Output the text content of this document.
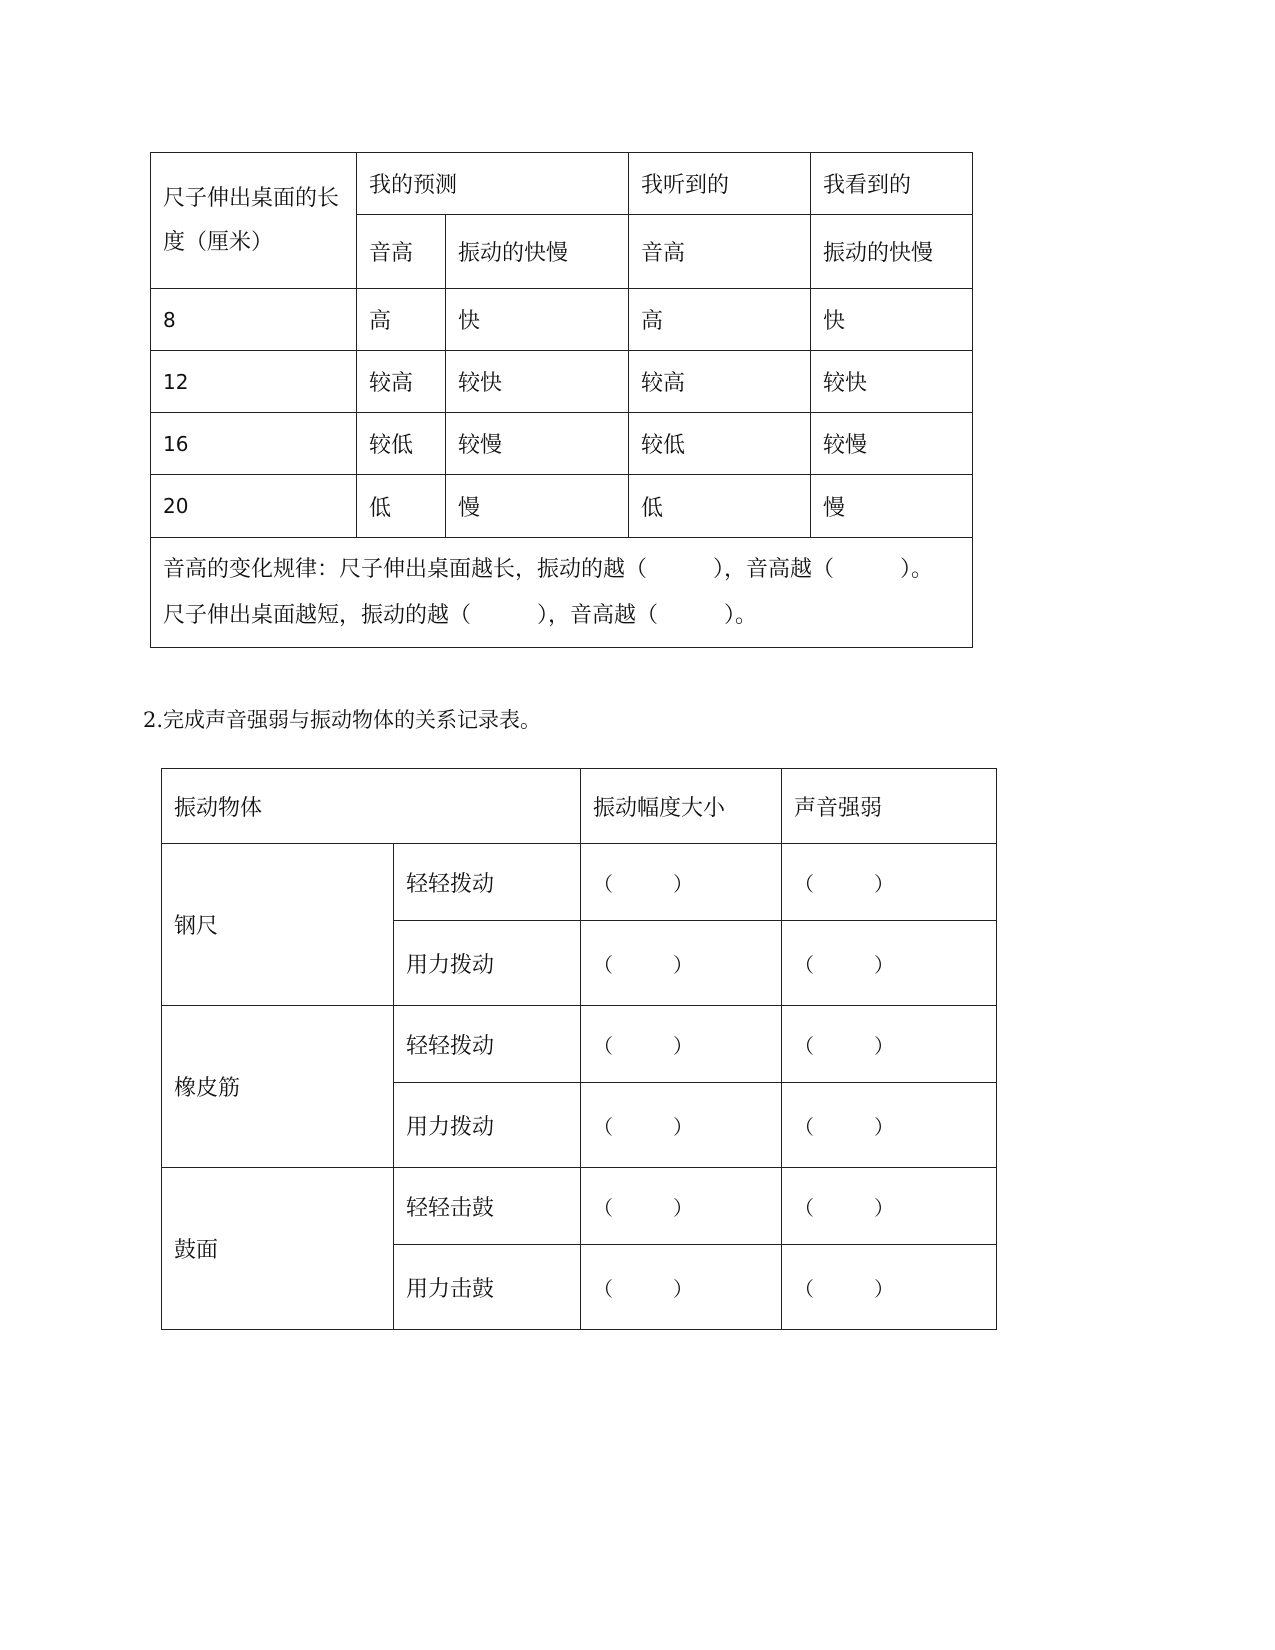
尺子伸出桌面的长度（厘米）	我的预测		我听到的	我看到的
	音高	振动的快慢	音高	振动的快慢
8	高	快	高	快
12	较高	较快	较高	较快
16	较低	较慢	较低	较慢
20	低	慢	低	慢

音高的变化规律：尺子伸出桌面越长，振动的越（　　　），音高越（　　　）。
尺子伸出桌面越短，振动的越（　　　），音高越（　　　）。				
2.完成声音强弱与振动物体的关系记录表。
振动物体		振动幅度大小	声音强弱
钢尺	轻轻拨动	（　　　）	（　　　）
	用力拨动	（　　　）	（　　　）
橡皮筋	轻轻拨动	（　　　）	（　　　）
	用力拨动	（　　　）	（　　　）
鼓面	轻轻击鼓	（　　　）	（　　　）
	用力击鼓	（　　　）	（　　　）
